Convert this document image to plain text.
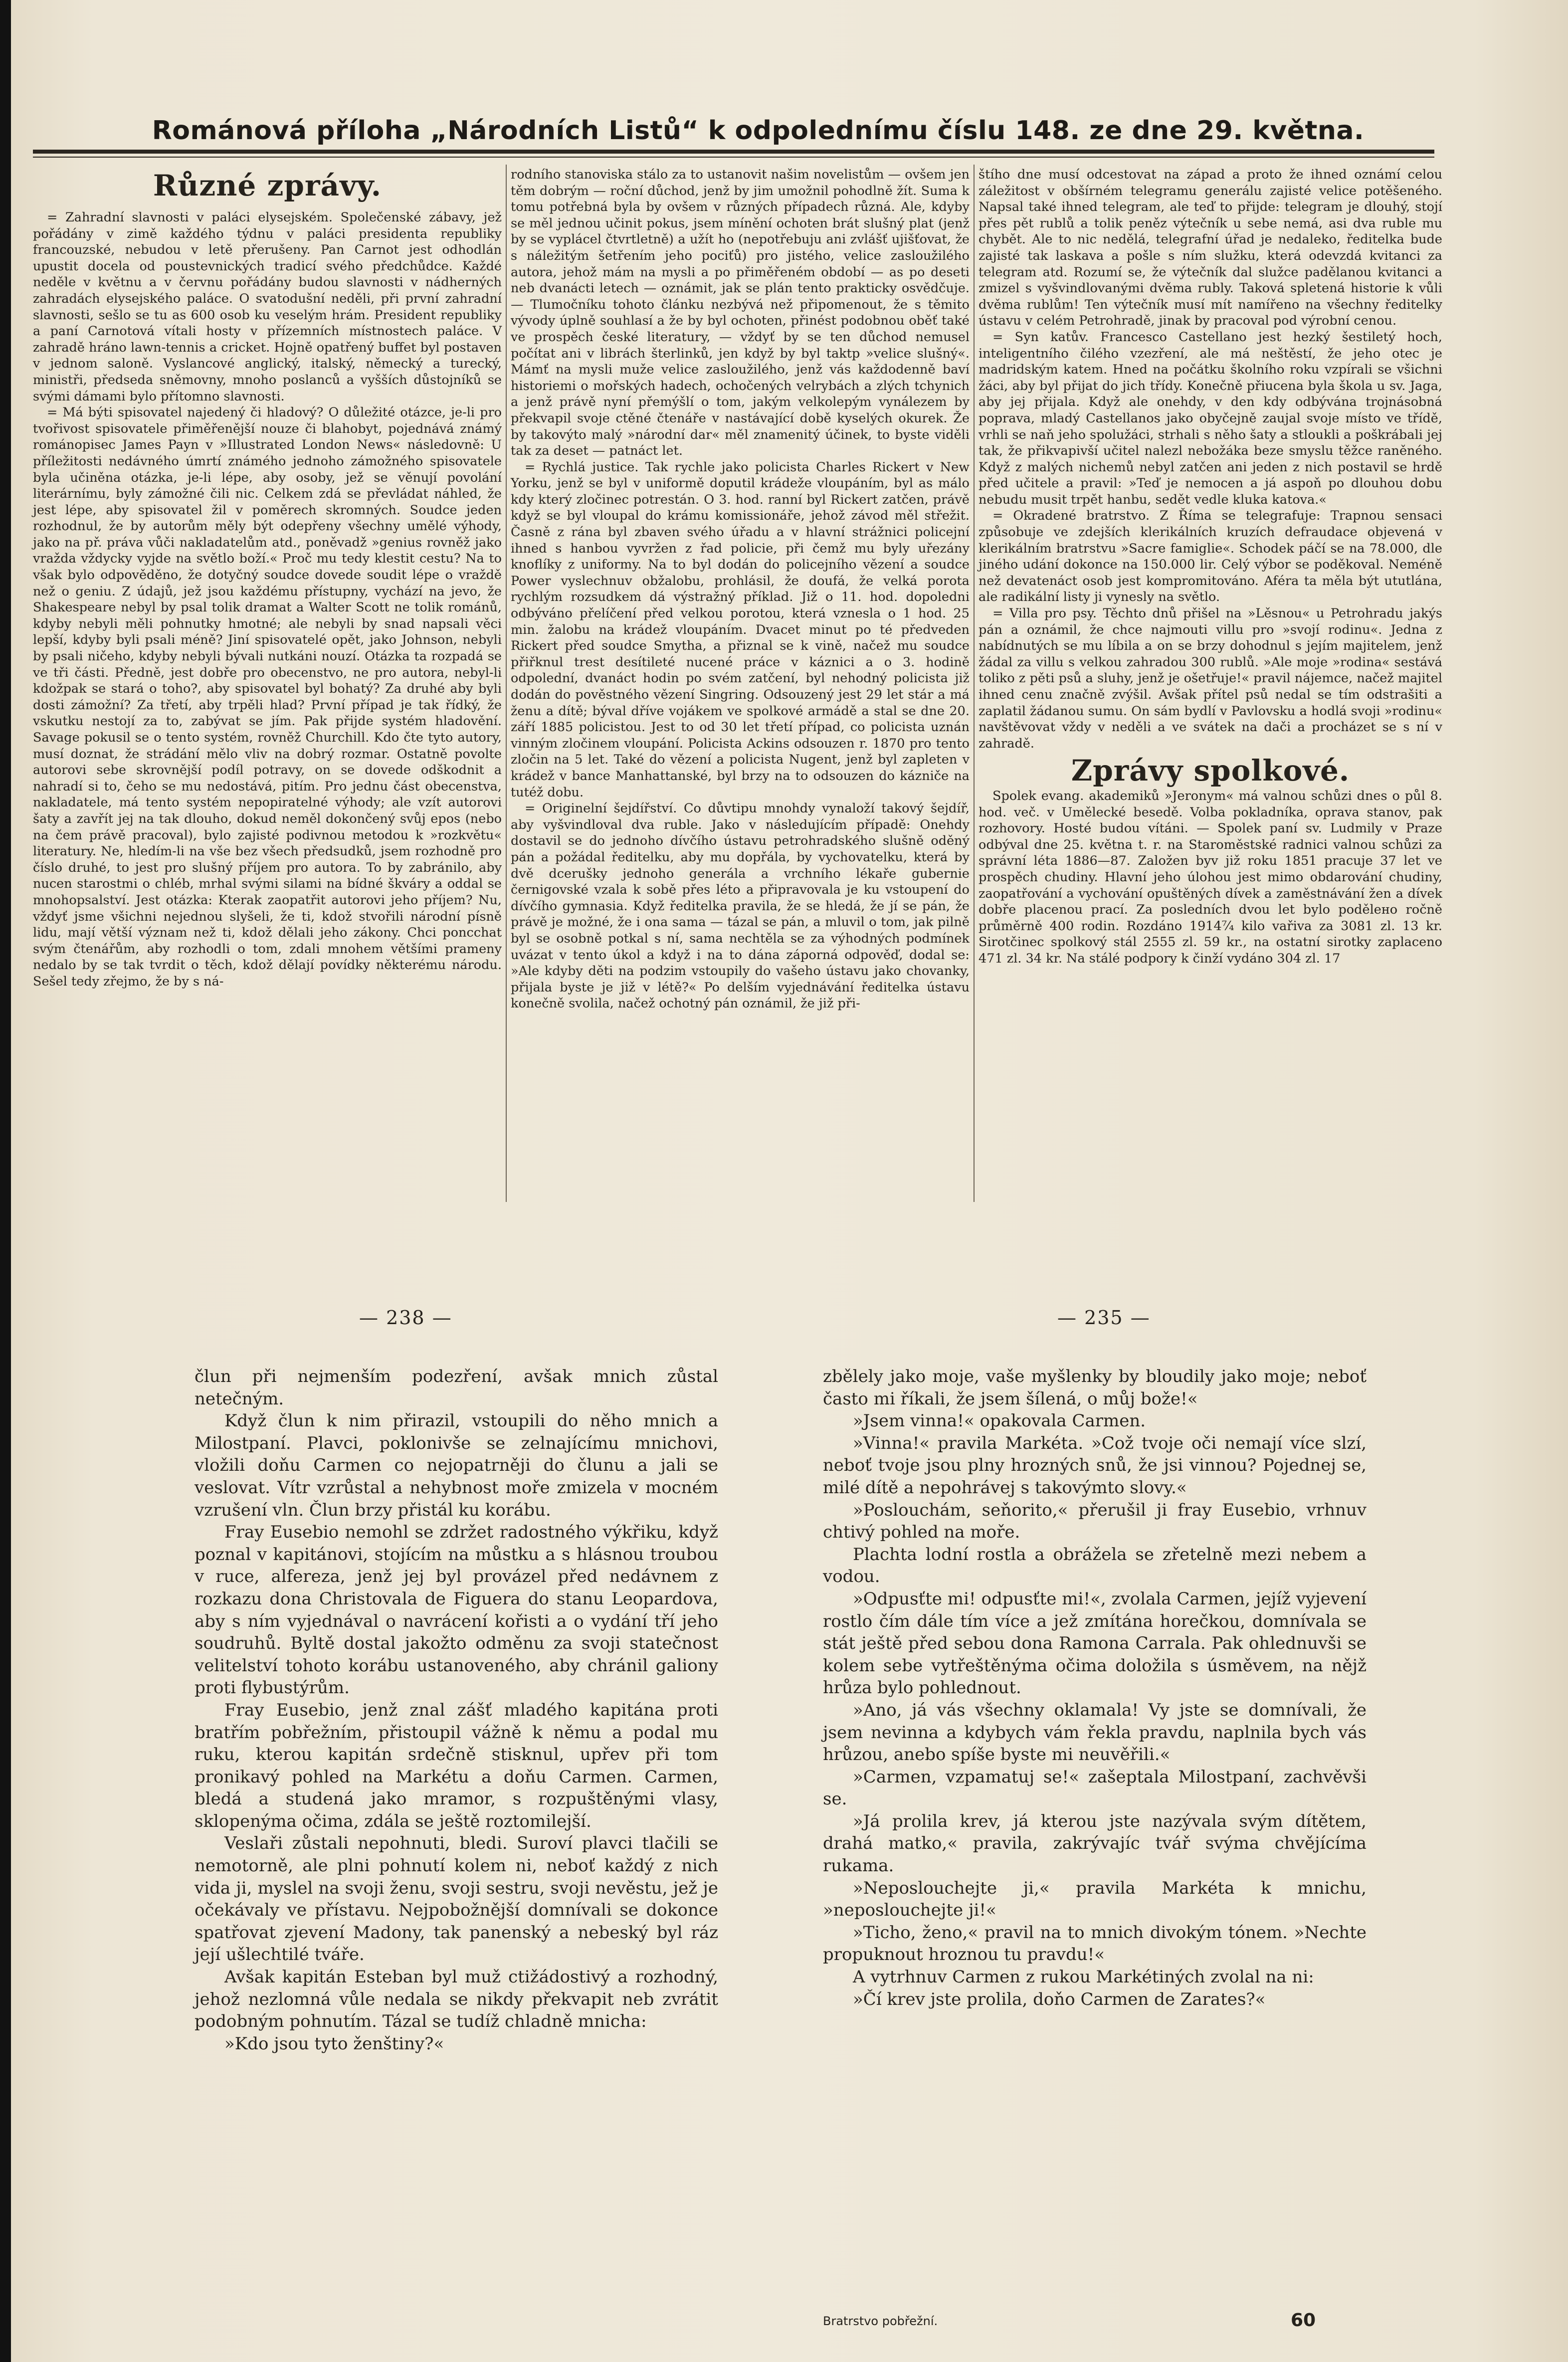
Románová příloha „Národních Listů“ k odpolednímu číslu 148. ze dne 29. května.
Různé zprávy.

= Zahradní slavnosti v paláci elysejském. Společenské zábavy, jež pořádány v zimě každého týdnu v paláci presidenta republiky francouzské, nebudou v letě přerušeny. Pan Carnot jest odhodlán upustit docela od poustevnických tradicí svého předchůdce. Každé neděle v květnu a v červnu pořádány budou slavnosti v nádherných zahradách elysejského paláce. O svatodušní neděli, při první zahradní slavnosti, sešlo se tu as 600 osob ku veselým hrám. President republiky a paní Carnotová vítali hosty v přízemních místnostech paláce. V zahradě hráno lawn-tennis a cricket. Hojně opatřený buffet byl postaven v jednom saloně. Vyslancové anglický, italský, německý a turecký, ministři, předseda sněmovny, mnoho poslanců a vyšších důstojníků se svými dámami bylo přítomno slavnosti.

= Má býti spisovatel najedený či hladový? O důležité otázce, je-li pro tvořivost spisovatele přiměřenější nouze či blahobyt, pojednává známý románopisec James Payn v »Illustrated London News« následovně: U příležitosti nedávného úmrtí známého jednoho zámožného spisovatele byla učiněna otázka, je-li lépe, aby osoby, jež se věnují povolání literárnímu, byly zámožné čili nic. Celkem zdá se převládat náhled, že jest lépe, aby spisovatel žil v poměrech skromných. Soudce jeden rozhodnul, že by autorům měly být odepřeny všechny umělé výhody, jako na př. práva vůči nakladatelům atd., poněvadž »genius rovněž jako vražda vždycky vyjde na světlo boží.« Proč mu tedy klestit cestu? Na to však bylo odpověděno, že dotyčný soudce dovede soudit lépe o vraždě než o geniu. Z údajů, jež jsou každému přístupny, vychází na jevo, že Shakespeare nebyl by psal tolik dramat a Walter Scott ne tolik románů, kdyby nebyli měli pohnutky hmotné; ale nebyli by snad napsali věci lepší, kdyby byli psali méně? Jiní spisovatelé opět, jako Johnson, nebyli by psali ničeho, kdyby nebyli bývali nutkáni nouzí. Otázka ta rozpadá se ve tři části. Předně, jest dobře pro obecenstvo, ne pro autora, nebyl-li kdožpak se stará o toho?, aby spisovatel byl bohatý? Za druhé aby byli dosti zámožní? Za třetí, aby trpěli hlad? První případ je tak řídký, že vskutku nestojí za to, zabývat se jím. Pak přijde systém hladovění. Savage pokusil se o tento systém, rovněž Churchill. Kdo čte tyto autory, musí doznat, že strádání mělo vliv na dobrý rozmar. Ostatně povolte autorovi sebe skrovnější podíl potravy, on se dovede odškodnit a nahradí si to, čeho se mu nedostává, pitím. Pro jednu část obecenstva, nakladatele, má tento systém nepopiratelné výhody; ale vzít autorovi šaty a zavřít jej na tak dlouho, dokud neměl dokončený svůj epos (nebo na čem právě pracoval), bylo zajisté podivnou metodou k »rozkvětu« literatury. Ne, hledím-li na vše bez všech předsudků, jsem rozhodně pro číslo druhé, to jest pro slušný příjem pro autora. To by zabránilo, aby nucen starostmi o chléb, mrhal svými silami na bídné škváry a oddal se mnohopsalství. Jest otázka: Kterak zaopatřit autorovi jeho příjem? Nu, vždyť jsme všichni nejednou slyšeli, že ti, kdož stvořili národní písně lidu, mají větší význam než ti, kdož dělali jeho zákony. Chci poncchat svým čtenářům, aby rozhodli o tom, zdali mnohem většími prameny nedalo by se tak tvrdit o těch, kdož dělají povídky některému národu. Sešel tedy zřejmo, že by s ná-

rodního stanoviska stálo za to ustanovit našim novelistům — ovšem jen těm dobrým — roční důchod, jenž by jim umožnil pohodlně žít. Suma k tomu potřebná byla by ovšem v různých případech různá. Ale, kdyby se měl jednou učinit pokus, jsem mínění ochoten brát slušný plat (jenž by se vyplácel čtvrtletně) a užít ho (nepotřebuju ani zvlášť ujišťovat, že s náležitým šetřením jeho pociťů) pro jistého, velice zasloužilého autora, jehož mám na mysli a po přiměřeném období — as po deseti neb dvanácti letech — oznámit, jak se plán tento prakticky osvědčuje. — Tlumočníku tohoto článku nezbývá než připomenout, že s těmito vývody úplně souhlasí a že by byl ochoten, přinést podobnou oběť také ve prospěch české literatury, — vždyť by se ten důchod nemusel počítat ani v librách šterlinků, jen když by byl taktp »velice slušný«. Mámť na mysli muže velice zasloužilého, jenž vás každodenně baví historiemi o mořských hadech, ochočených velrybách a zlých tchynich a jenž právě nyní přemýšlí o tom, jakým velkolepým vynálezem by překvapil svoje ctěné čtenáře v nastávající době kyselých okurek. Že by takovýto malý »národní dar« měl znamenitý účinek, to byste viděli tak za deset — patnáct let.

= Rychlá justice. Tak rychle jako policista Charles Rickert v New Yorku, jenž se byl v uniformě doputil krádeže vloupáním, byl as málo kdy který zločinec potrestán. O 3. hod. ranní byl Rickert zatčen, právě když se byl vloupal do krámu komissionáře, jehož závod měl střežit. Časně z rána byl zbaven svého úřadu a v hlavní strážnici policejní ihned s hanbou vyvržen z řad policie, při čemž mu byly uřezány knoflíky z uniformy. Na to byl dodán do policejního vězení a soudce Power vyslechnuv obžalobu, prohlásil, že doufá, že velká porota rychlým rozsudkem dá výstražný příklad. Již o 11. hod. dopoledni odbýváno přelíčení před velkou porotou, která vznesla o 1 hod. 25 min. žalobu na krádež vloupáním. Dvacet minut po té předveden Rickert před soudce Smytha, a přiznal se k vině, načež mu soudce přiřknul trest desítileté nucené práce v káznici a o 3. hodině odpolední, dvanáct hodin po svém zatčení, byl nehodný policista již dodán do pověstného vězení Singring. Odsouzený jest 29 let stár a má ženu a dítě; býval dříve vojákem ve spolkové armádě a stal se dne 20. září 1885 policistou. Jest to od 30 let třetí případ, co policista uznán vinným zločinem vloupání. Policista Ackins odsouzen r. 1870 pro tento zločin na 5 let. Také do vězení a policista Nugent, jenž byl zapleten v krádež v bance Manhattanské, byl brzy na to odsouzen do kázniče na tutéž dobu.

= Originelní šejdířství. Co důvtipu mnohdy vynaloží takový šejdíř, aby vyšvindloval dva ruble. Jako v následujícím případě: Onehdy dostavil se do jednoho dívčího ústavu petrohradského slušně oděný pán a požádal ředitelku, aby mu dopřála, by vychovatelku, která by dvě dcerušky jednoho generála a vrchního lékaře gubernie černigovské vzala k sobě přes léto a připravovala je ku vstoupení do dívčího gymnasia. Když ředitelka pravila, že se hledá, že jí se pán, že právě je možné, že i ona sama — tázal se pán, a mluvil o tom, jak pilně byl se osobně potkal s ní, sama nechtěla se za výhodných podmínek uvázat v tento úkol a když i na to dána záporná odpověď, dodal se: »Ale kdyby děti na podzim vstoupily do vašeho ústavu jako chovanky, přijala byste je již v létě?« Po delším vyjednávání ředitelka ústavu konečně svolila, načež ochotný pán oznámil, že již při-

štího dne musí odcestovat na západ a proto že ihned oznámí celou záležitost v obšírném telegramu generálu zajisté velice potěšeného. Napsal také ihned telegram, ale teď to přijde: telegram je dlouhý, stojí přes pět rublů a tolik peněz výtečník u sebe nemá, asi dva ruble mu chybět. Ale to nic nedělá, telegrafní úřad je nedaleko, ředitelka bude zajisté tak laskava a pošle s ním služku, která odevzdá kvitanci za telegram atd. Rozumí se, že výtečník dal služce padělanou kvitanci a zmizel s vyšvindlovanými dvěma rubly. Taková spletená historie k vůli dvěma rublům! Ten výtečník musí mít namířeno na všechny ředitelky ústavu v celém Petrohradě, jinak by pracoval pod výrobní cenou.

= Syn katův. Francesco Castellano jest hezký šestiletý hoch, inteligentního čilého vzezření, ale má neštěstí, že jeho otec je madridským katem. Hned na počátku školního roku vzpírali se všichni žáci, aby byl přijat do jich třídy. Konečně přiucena byla škola u sv. Jaga, aby jej přijala. Když ale onehdy, v den kdy odbývána trojnásobná poprava, mladý Castellanos jako obyčejně zaujal svoje místo ve třídě, vrhli se naň jeho spolužáci, strhali s něho šaty a stloukli a poškrábali jej tak, že přikvapivší učitel nalezl nebožáka beze smyslu těžce raněného. Když z malých nichemů nebyl zatčen ani jeden z nich postavil se hrdě před učitele a pravil: »Teď je nemocen a já aspoň po dlouhou dobu nebudu musit trpět hanbu, sedět vedle kluka katova.«

= Okradené bratrstvo. Z Říma se telegrafuje: Trapnou sensaci způsobuje ve zdejších klerikálních kruzích defraudace objevená v klerikálním bratrstvu »Sacre famiglie«. Schodek páčí se na 78.000, dle jiného udání dokonce na 150.000 lir. Celý výbor se poděkoval. Neméně než devatenáct osob jest kompromitováno. Aféra ta měla být ututlána, ale radikální listy ji vynesly na světlo.

= Villa pro psy. Těchto dnů přišel na »Lěsnou« u Petrohradu jakýs pán a oznámil, že chce najmouti villu pro »svojí rodinu«. Jedna z nabídnutých se mu líbila a on se brzy dohodnul s jejím majitelem, jenž žádal za villu s velkou zahradou 300 rublů. »Ale moje »rodina« sestává toliko z pěti psů a sluhy, jenž je ošetřuje!« pravil nájemce, načež majitel ihned cenu značně zvýšil. Avšak přítel psů nedal se tím odstrašiti a zaplatil žádanou sumu. On sám bydlí v Pavlovsku a hodlá svoji »rodinu« navštěvovat vždy v neděli a ve svátek na dači a procházet se s ní v zahradě.

Zprávy spolkové.

Spolek evang. akademiků »Jeronym« má valnou schůzi dnes o půl 8. hod. več. v Umělecké besedě. Volba pokladníka, oprava stanov, pak rozhovory. Hosté budou vítáni. — Spolek paní sv. Ludmily v Praze odbýval dne 25. května t. r. na Staroměstské radnici valnou schůzi za správní léta 1886—87. Založen byv již roku 1851 pracuje 37 let ve prospěch chudiny. Hlavní jeho úlohou jest mimo obdarování chudiny, zaopatřování a vychování opuštěných dívek a zaměstnávání žen a dívek dobře placenou prací. Za posledních dvou let bylo podělено ročně průměrně 400 rodin. Rozdáno 1914⁷⁄₄ kilo vařiva za 3081 zl. 13 kr. Sirotčinec spolkový stál 2555 zl. 59 kr., na ostatní sirotky zaplaceno 471 zl. 34 kr. Na stálé podpory k činží vydáno 304 zl. 17

— 238 —	— 235 —

člun při nejmenším podezření, avšak mnich zůstal netečným.

Když člun k nim přirazil, vstoupili do něho mnich a Milostpaní. Plavci, poklonivše se zelnajícímu mnichovi, vložili doňu Carmen co nejopatrněji do člunu a jali se veslovat. Vítr vzrůstal a nehybnost moře zmizela v mocném vzrušení vln. Člun brzy přistál ku korábu.

Fray Eusebio nemohl se zdržet radostného výkřiku, když poznal v kapitánovi, stojícím na můstku a s hlásnou troubou v ruce, alfereza, jenž jej byl provázel před nedávnem z rozkazu dona Christovala de Figuera do stanu Leopardova, aby s ním vyjednával o navrácení kořisti a o vydání tří jeho soudruhů. Byltě dostal jakožto odměnu za svoji statečnost velitelství tohoto korábu ustanoveného, aby chránil galiony proti flybustýrům.

Fray Eusebio, jenž znal zášť mladého kapitána proti bratřím pobřežním, přistoupil vážně k němu a podal mu ruku, kterou kapitán srdečně stisknul, upřev při tom pronikavý pohled na Markétu a doňu Carmen. Carmen, bledá a studená jako mramor, s rozpuštěnými vlasy, sklopenýma očima, zdála se ještě roztomilejší.

Veslaři zůstali nepohnuti, bledi. Suroví plavci tlačili se nemotorně, ale plni pohnutí kolem ni, neboť každý z nich vida ji, myslel na svoji ženu, svoji sestru, svoji nevěstu, jež je očekávaly ve přístavu. Nejpobožnější domnívali se dokonce spatřovat zjevení Madony, tak panenský a nebeský byl ráz její ušlechtilé tváře.

Avšak kapitán Esteban byl muž ctižádostivý a rozhodný, jehož nezlomná vůle nedala se nikdy překvapit neb zvrátit podobným pohnutím. Tázal se tudíž chladně mnicha:

»Kdo jsou tyto ženštiny?«

zbělely jako moje, vaše myšlenky by bloudily jako moje; neboť často mi říkali, že jsem šílená, o můj bože!«

»Jsem vinna!« opakovala Carmen.

»Vinna!« pravila Markéta. »Což tvoje oči nemají více slzí, neboť tvoje jsou plny hrozných snů, že jsi vinnou? Pojednej se, milé dítě a nepohrávej s takovýmto slovy.«

»Poslouchám, seňorito,« přerušil ji fray Eusebio, vrhnuv chtivý pohled na moře.

Plachta lodní rostla a obrážela se zřetelně mezi nebem a vodou.

»Odpusťte mi! odpusťte mi!«, zvolala Carmen, jejíž vyjevení rostlo čím dále tím více a jež zmítána horečkou, domnívala se stát ještě před sebou dona Ramona Carrala. Pak ohlednuvši se kolem sebe vytřeštěnýma očima doložila s úsměvem, na nějž hrůza bylo pohlednout.

»Ano, já vás všechny oklamala! Vy jste se domnívali, že jsem nevinna a kdybych vám řekla pravdu, naplnila bych vás hrůzou, anebo spíše byste mi neuvěřili.«

»Carmen, vzpamatuj se!« zašeptala Milostpaní, zachvěvši se.

»Já prolila krev, já kterou jste nazývala svým dítětem, drahá matko,« pravila, zakrývajíc tvář svýma chvějícíma rukama.

»Neposlouchejte ji,« pravila Markéta k mnichu, »neposlouchejte ji!«

»Ticho, ženo,« pravil na to mnich divokým tónem. »Nechte propuknout hroznou tu pravdu!«

A vytrhnuv Carmen z rukou Markétiných zvolal na ni:

»Čí krev jste prolila, doňo Carmen de Zarates?«

Bratrstvo pobřežní.	60
